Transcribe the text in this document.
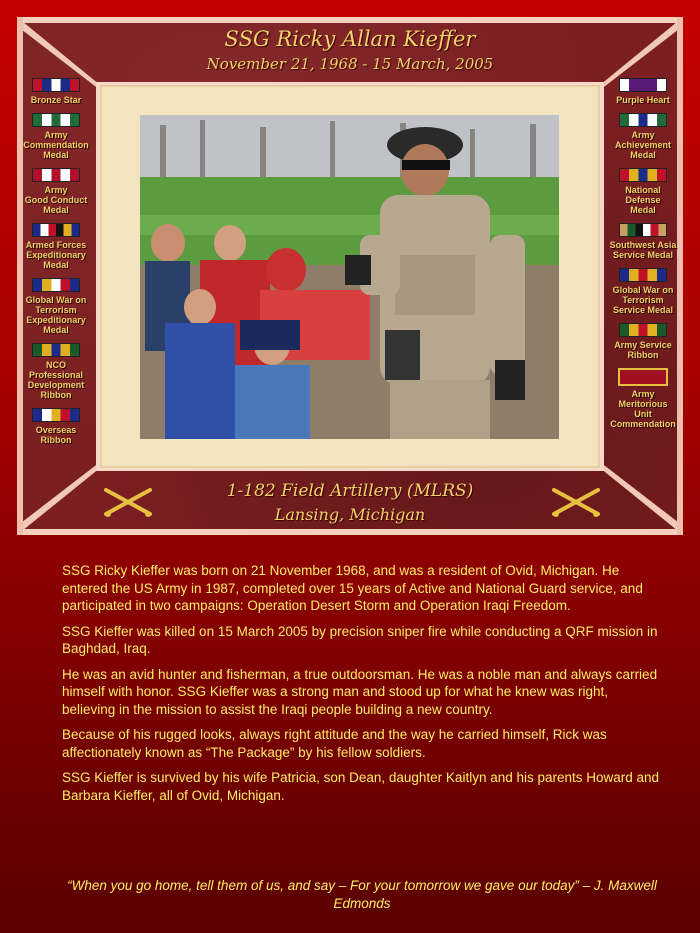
SSG Ricky Allan Kieffer
November 21, 1968 - 15 March, 2005
Bronze Star
Army
Commendation
Medal
Army
Good Conduct
Medal
Armed Forces
Expeditionary
Medal
Global War on
Terrorism
Expeditionary
Medal
NCO
Professional
Development
Ribbon
Overseas
Ribbon
Purple Heart
Army
Achievement
Medal
National
Defense
Medal
Southwest Asia
Service Medal
Global War on
Terrorism
Service Medal
Army Service
Ribbon
Army
Meritorious
Unit
Commendation
1-182 Field Artillery (MLRS)
Lansing, Michigan

SSG Ricky Kieffer was born on 21 November 1968, and was a resident of Ovid, Michigan. He entered the US Army in 1987, completed over 15 years of Active and National Guard service, and participated in two campaigns: Operation Desert Storm and Operation Iraqi Freedom.

SSG Kieffer was killed on 15 March 2005 by precision sniper fire while conducting a QRF mission in Baghdad, Iraq.

He was an avid hunter and fisherman, a true outdoorsman. He was a noble man and always carried himself with honor. SSG Kieffer was a strong man and stood up for what he knew was right, believing in the mission to assist the Iraqi people building a new country.

Because of his rugged looks, always right attitude and the way he carried himself, Rick was affectionately known as “The Package” by his fellow soldiers.

SSG Kieffer is survived by his wife Patricia, son Dean, daughter Kaitlyn and his parents Howard and Barbara Kieffer, all of Ovid, Michigan.

“When you go home, tell them of us, and say – For your tomorrow we gave our today” – J. Maxwell Edmonds
